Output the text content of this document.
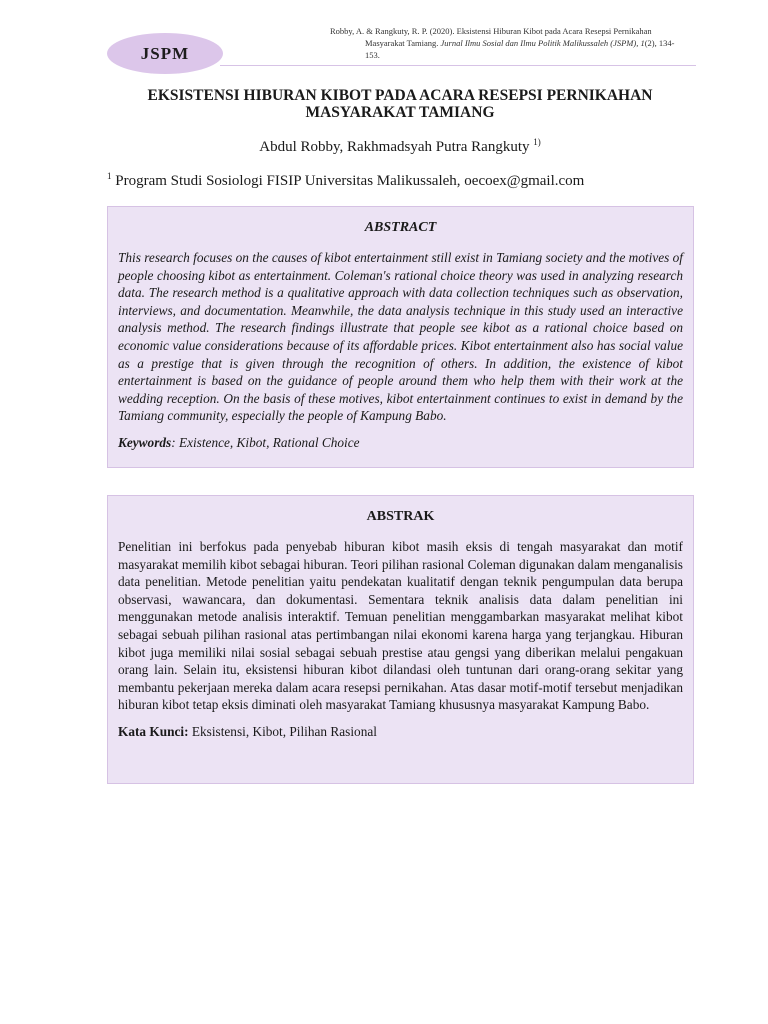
JSPM
Robby, A. & Rangkuty, R. P. (2020). Eksistensi Hiburan Kibot pada Acara Resepsi Pernikahan
Masyarakat Tamiang. Jurnal Ilmu Sosial dan Ilmu Politik Malikussaleh (JSPM), 1(2), 134-
153.
EKSISTENSI HIBURAN KIBOT PADA ACARA RESEPSI PERNIKAHAN
MASYARAKAT TAMIANG
Abdul Robby, Rakhmadsyah Putra Rangkuty $^{1)}$
$^1$ Program Studi Sosiologi FISIP Universitas Malikussaleh, oecoex@gmail.com
ABSTRACT

This research focuses on the causes of kibot entertainment still exist in Tamiang society and the motives of people choosing kibot as entertainment. Coleman's rational choice theory was used in analyzing research data. The research method is a qualitative approach with data collection techniques such as observation, interviews, and documentation. Meanwhile, the data analysis technique in this study used an interactive analysis method. The research findings illustrate that people see kibot as a rational choice based on economic value considerations because of its affordable prices. Kibot entertainment also has social value as a prestige that is given through the recognition of others. In addition, the existence of kibot entertainment is based on the guidance of people around them who help them with their work at the wedding reception. On the basis of these motives, kibot entertainment continues to exist in demand by the Tamiang community, especially the people of Kampung Babo.

Keywords: Existence, Kibot, Rational Choice
ABSTRAK

Penelitian ini berfokus pada penyebab hiburan kibot masih eksis di tengah masyarakat dan motif masyarakat memilih kibot sebagai hiburan. Teori pilihan rasional Coleman digunakan dalam menganalisis data penelitian. Metode penelitian yaitu pendekatan kualitatif dengan teknik pengumpulan data berupa observasi, wawancara, dan dokumentasi. Sementara teknik analisis data dalam penelitian ini menggunakan metode analisis interaktif. Temuan penelitian menggambarkan masyarakat melihat kibot sebagai sebuah pilihan rasional atas pertimbangan nilai ekonomi karena harga yang terjangkau. Hiburan kibot juga memiliki nilai sosial sebagai sebuah prestise atau gengsi yang diberikan melalui pengakuan orang lain. Selain itu, eksistensi hiburan kibot dilandasi oleh tuntunan dari orang-orang sekitar yang membantu pekerjaan mereka dalam acara resepsi pernikahan. Atas dasar motif-motif tersebut menjadikan hiburan kibot tetap eksis diminati oleh masyarakat Tamiang khususnya masyarakat Kampung Babo.

Kata Kunci: Eksistensi, Kibot, Pilihan Rasional
